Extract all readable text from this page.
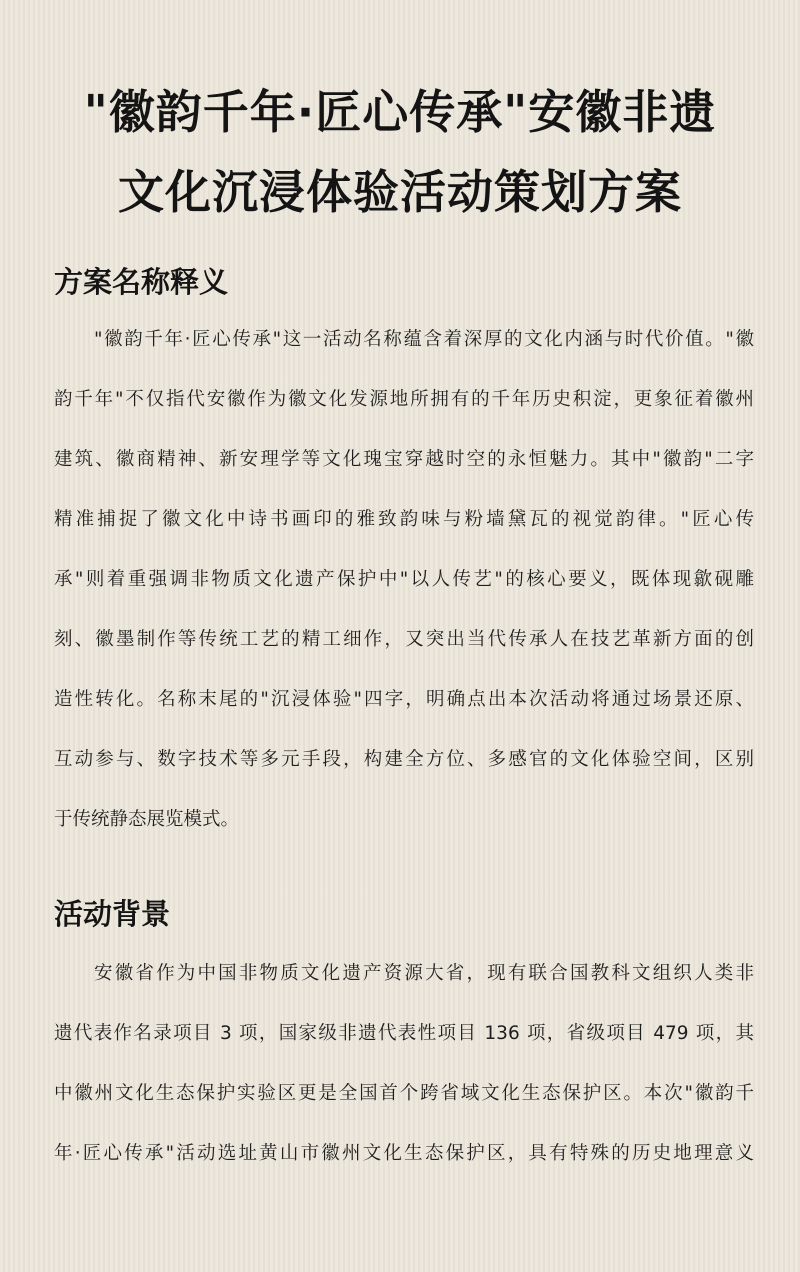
"徽韵千年·匠心传承"安徽非遗
文化沉浸体验活动策划方案
方案名称释义
"徽韵千年·匠心传承"这一活动名称蕴含着深厚的文化内涵与时代价值。"徽
韵千年"不仅指代安徽作为徽文化发源地所拥有的千年历史积淀，更象征着徽州
建筑、徽商精神、新安理学等文化瑰宝穿越时空的永恒魅力。其中"徽韵"二字
精准捕捉了徽文化中诗书画印的雅致韵味与粉墙黛瓦的视觉韵律。"匠心传
承"则着重强调非物质文化遗产保护中"以人传艺"的核心要义，既体现歙砚雕
刻、徽墨制作等传统工艺的精工细作，又突出当代传承人在技艺革新方面的创
造性转化。名称末尾的"沉浸体验"四字，明确点出本次活动将通过场景还原、
互动参与、数字技术等多元手段，构建全方位、多感官的文化体验空间，区别
于传统静态展览模式。
活动背景
安徽省作为中国非物质文化遗产资源大省，现有联合国教科文组织人类非
遗代表作名录项目 3 项，国家级非遗代表性项目 136 项，省级项目 479 项，其
中徽州文化生态保护实验区更是全国首个跨省域文化生态保护区。本次"徽韵千
年·匠心传承"活动选址黄山市徽州文化生态保护区，具有特殊的历史地理意义
